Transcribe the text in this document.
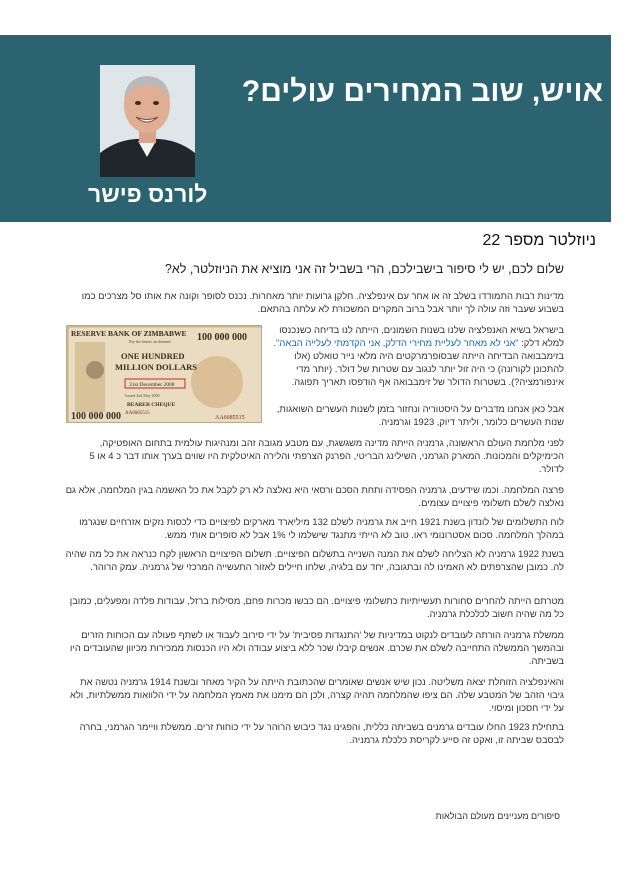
אויש, שוב המחירים עולים?
לורנס פישר
ניוזלטר מספר 22
שלום לכם, יש לי סיפור בישבילכם, הרי בשביל זה אני מוציא את הניוזלטר, לא?
מדינות רבות התמודדו בשלב זה או אחר עם אינפלציה. חלקן גרועות יותר מאחרות. נכנס לסופר וקונה את אותו סל מצרכים כמו בשבוע שעבר וזה עולה לך יותר אבל ברוב המקרים המשכורת לא עלתה בהתאם.
בישראל בשיא האנפלציה שלנו בשנות השמונים, הייתה לנו בדיחה כשנכנסו למלא דלק: "אני לא מאחר לעליית מחירי הדלק, אני הקדמתי לעלייה הבאה". בזימבבואה הבדיחה הייתה שבסופרמרקטים היה מלאי נייר טואלט (אלו להתכונן לקורונה) כי היה זול יותר לנגוב עם שטרות של דולר. (יותר מדי אינפורמציה?). בשטרות הדולר של זימבבואה אף הודפסו תאריך תפוגה.
RESERVE BANK OF ZIMBABWE 100 000 000
Pay the bearer on demand
ONE HUNDRED
MILLION DOLLARS
31st December 2008
Issued 2nd May 2008
BEARER CHEQUE
AA6685515
100 000 000	AA6685515
אבל כאן אנחנו מדברים על היסטוריה ונחזור בזמן לשנות העשרים השואגות, שנות העשרים כלומר, וליתר דיוק, 1923 וגרמניה.
לפני מלחמת העולם הראשונה, גרמניה הייתה מדינה משגשגת, עם מטבע מגובה זהב ומנהיגות עולמית בתחום האופטיקה, הכימיקלים והמכונות. המארק הגרמני, השילינג הבריטי, הפרנק הצרפתי והלירה האיטלקית היו שווים בערך אותו דבר כ 4 או 5 לדולר.
פרצה המלחמה. וכמו שידעים, גרמניה הפסידה ותחת הסכם ורסאי היא נאלצה לא רק לקבל את כל האשמה בגין המלחמה, אלא גם נאלצה לשלם תשלומי פיצויים עצומים.
לוח התשלומים של לונדון בשנת 1921 חייב את גרמניה לשלם 132 מיליארד מארקים לפיצויים כדי לכסות נזקים אזרחיים שנגרמו במהלך המלחמה. סכום אסטרונומי ראו. טוב לא הייתי מתנגד שישלמו לי 1% אבל לא סופרים אותי ממש.
בשנת 1922 גרמניה לא הצליחה לשלם את המנה השנייה בתשלום הפיצויים. תשלום הפיצויים הראשון לקח כנראה את כל מה שהיה לה. כמובן שהצרפתים לא האמינו לה ובתגובה, יחד עם בלגיה, שלחו חיילים לאזור התעשייה המרכזי של גרמניה. עמק הרוהר.
מטרתם הייתה להחרים סחורות תעשייתיות כתשלומי פיצויים. הם כבשו מכרות פחם, מסילות ברזל, עבודות פלדה ומפעלים, כמובן כל מה שהיה חשוב לכלכלת גרמניה.
ממשלת גרמניה הורתה לעובדים לנקוט במדיניות של 'התנגדות פסיבית' על ידי סירוב לעבוד או לשתף פעולה עם הכוחות הזרים ובהמשך הממשלה התחייבה לשלם את שכרם. אנשים קיבלו שכר ללא ביצוע עבודה ולא היו הכנסות ממכירות מכיוון שהעובדים היו בשביתה.
והאינפלציה הזוחלת יצאה משליטה. נכון שיש אנשים שאומרים שהכתובת הייתה על הקיר מאחר ובשנת 1914 גרמניה נטשה את גיבוי הזהב של המטבע שלה. הם ציפו שהמלחמה תהיה קצרה, ולכן הם מימנו את מאמץ המלחמה על ידי הלוואות ממשלתיות, ולא על ידי חסכון ומיסוי.
בתחילת 1923 החלו עובדים גרמנים בשביתה כללית, והפגינו נגד כיבוש הרוהר על ידי כוחות זרים. ממשלת וויימר הגרמני, בחרה לבסבס שביתה זו, ואקט זה סייע לקריסת כלכלת גרמניה.
סיפורים מעניינים מעולם הבולאות
